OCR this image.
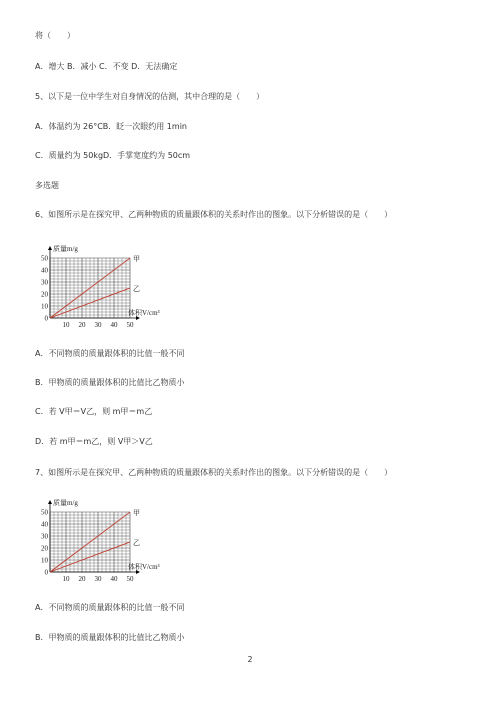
将（　　）
A．增大 B．减小 C．不变 D．无法确定
5、以下是一位中学生对自身情况的估测，其中合理的是（　　）
A．体温约为 26°CB．眨一次眼约用 1min
C．质量约为 50kgD．手掌宽度约为 50cm
多选题
6、如图所示是在探究甲、乙两种物质的质量跟体积的关系时作出的图象。以下分析错误的是（　　）
0
10
20
30
40
50
10 20 30 40 50
质量m/g
体积V/cm³
甲
乙
A．不同物质的质量跟体积的比值一般不同
B．甲物质的质量跟体积的比值比乙物质小
C．若 V甲＝V乙，则 m甲＝m乙
D．若 m甲＝m乙，则 V甲＞V乙
7、如图所示是在探究甲、乙两种物质的质量跟体积的关系时作出的图象。以下分析错误的是（　　）
0
10
20
30
40
50
10 20 30 40 50
质量m/g
体积V/cm³
甲
乙
A．不同物质的质量跟体积的比值一般不同
B．甲物质的质量跟体积的比值比乙物质小
2
